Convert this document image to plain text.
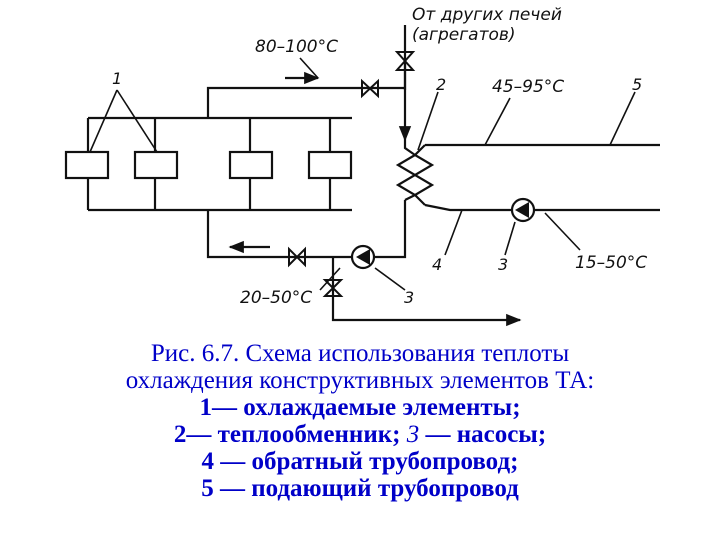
От других печей
(агрегатов)
80–100°С
45–95°С
15–50°С
20–50°С
1	2	5
4	3
3
Рис. 6.7. Схема использования теплоты
охлаждения конструктивных элементов ТА:
1— охлаждаемые элементы;
2— теплообменник; 3 — насосы;
4 — обратный трубопровод;
5 — подающий трубопровод
